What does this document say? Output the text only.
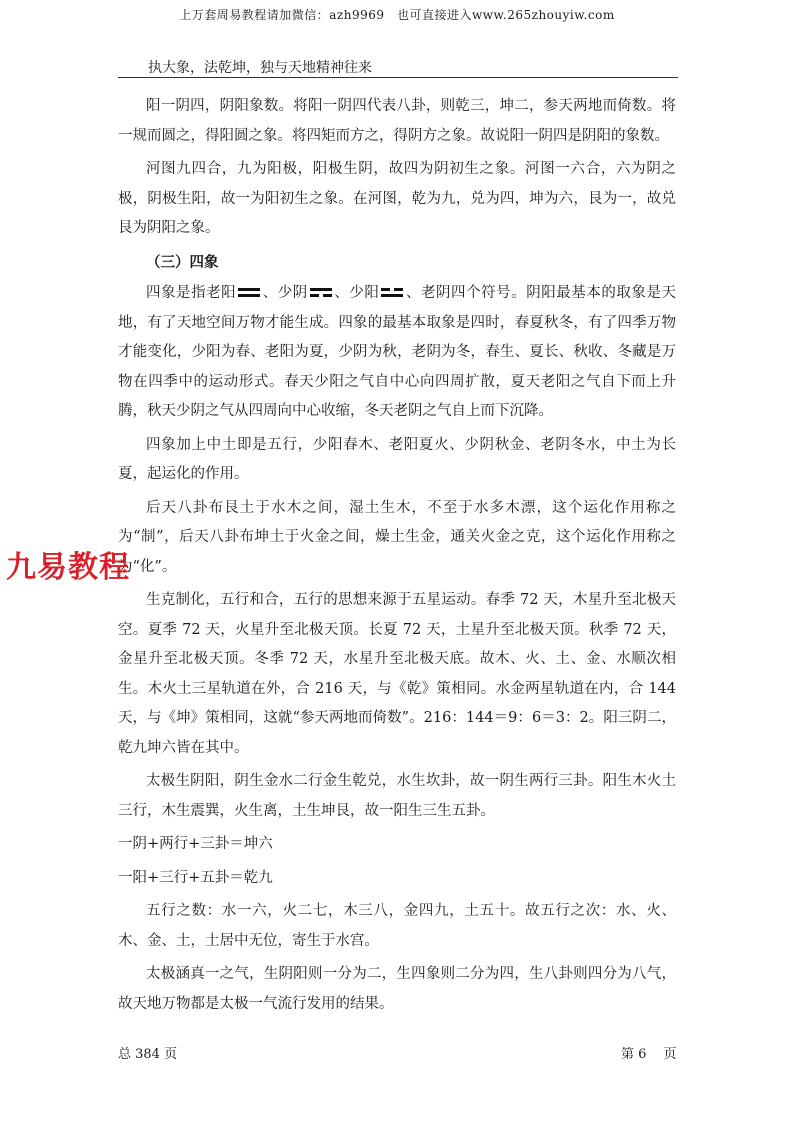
上万套周易教程请加微信：azh9969　也可直接进入www.265zhouyiw.com
执大象，法乾坤，独与天地精神往来

阳一阴四，阴阳象数。将阳一阴四代表八卦，则乾三，坤二，参天两地而倚数。将一规而圆之，得阳圆之象。将四矩而方之，得阴方之象。故说阳一阴四是阴阳的象数。

河图九四合，九为阳极，阳极生阴，故四为阴初生之象。河图一六合，六为阴之极，阴极生阳，故一为阳初生之象。在河图，乾为九，兑为四，坤为六，艮为一，故兑艮为阴阳之象。

（三）四象

四象是指老阳 、少阴 、少阳 、老阴四个符号。阴阳最基本的取象是天地，有了天地空间万物才能生成。四象的最基本取象是四时，春夏秋冬，有了四季万物才能变化，少阳为春、老阳为夏，少阴为秋，老阴为冬，春生、夏长、秋收、冬藏是万物在四季中的运动形式。春天少阳之气自中心向四周扩散，夏天老阳之气自下而上升腾，秋天少阴之气从四周向中心收缩，冬天老阴之气自上而下沉降。

四象加上中土即是五行，少阳春木、老阳夏火、少阴秋金、老阴冬水，中土为长夏，起运化的作用。

后天八卦布艮土于水木之间，湿土生木，不至于水多木漂，这个运化作用称之为“制”，后天八卦布坤土于火金之间，燥土生金，通关火金之克，这个运化作用称之为“化”。

生克制化，五行和合，五行的思想来源于五星运动。春季 72 天，木星升至北极天空。夏季 72 天，火星升至北极天顶。长夏 72 天，土星升至北极天顶。秋季 72 天，金星升至北极天顶。冬季 72 天，水星升至北极天底。故木、火、土、金、水顺次相生。木火土三星轨道在外，合 216 天，与《乾》策相同。水金两星轨道在内，合 144 天，与《坤》策相同，这就“参天两地而倚数”。216：144＝9：6＝3：2。阳三阴二，乾九坤六皆在其中。

太极生阴阳，阴生金水二行金生乾兑，水生坎卦，故一阴生两行三卦。阳生木火土三行，木生震巽，火生离，土生坤艮，故一阳生三生五卦。

一阴+两行+三卦＝坤六

一阳+三行+五卦＝乾九

五行之数：水一六，火二七，木三八，金四九，土五十。故五行之次：水、火、木、金、土，土居中无位，寄生于水宫。

太极涵真一之气，生阴阳则一分为二，生四象则二分为四，生八卦则四分为八气，故天地万物都是太极一气流行发用的结果。

九易教程
总 384 页	第 6　 页
